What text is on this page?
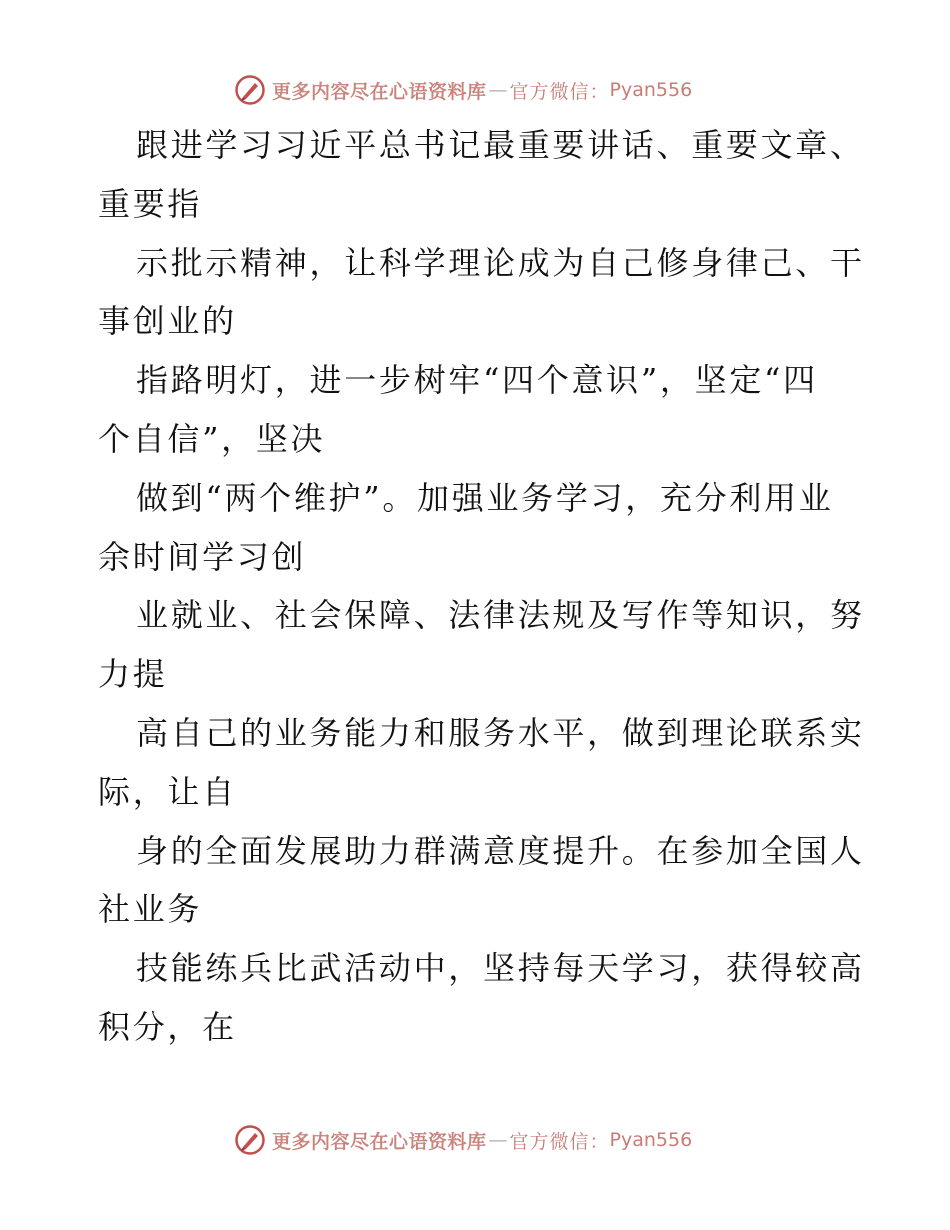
更多内容尽在心语资料库 — 官方微信： Pyan556
跟进学习习近平总书记最重要讲话、重要文章、
重要指
示批示精神，让科学理论成为自己修身律己、干
事创业的
指路明灯，进一步树牢“四个意识”，坚定“四
个自信”，坚决
做到“两个维护”。加强业务学习，充分利用业
余时间学习创
业就业、社会保障、法律法规及写作等知识，努
力提
高自己的业务能力和服务水平，做到理论联系实
际，让自
身的全面发展助力群满意度提升。在参加全国人
社业务
技能练兵比武活动中，坚持每天学习，获得较高
积分，在
更多内容尽在心语资料库 — 官方微信： Pyan556
